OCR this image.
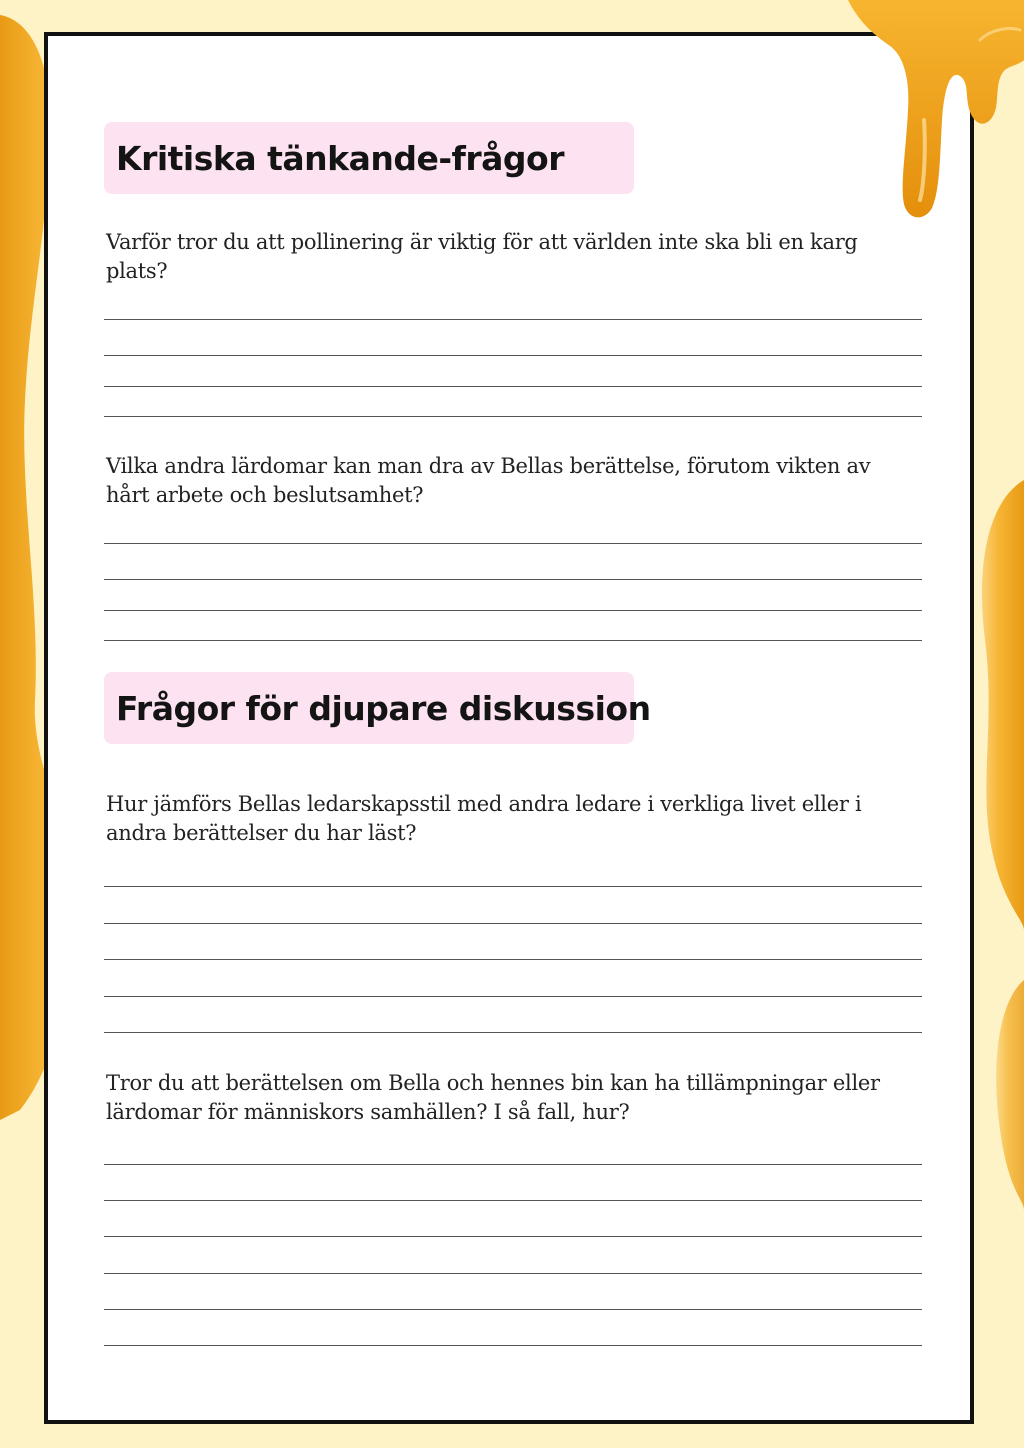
Kritiska tänkande-frågor
Varför tror du att pollinering är viktig för att världen inte ska bli en karg plats?
Vilka andra lärdomar kan man dra av Bellas berättelse, förutom vikten av hårt arbete och beslutsamhet?
Frågor för djupare diskussion
Hur jämförs Bellas ledarskapsstil med andra ledare i verkliga livet eller i andra berättelser du har läst?
Tror du att berättelsen om Bella och hennes bin kan ha tillämpningar eller lärdomar för människors samhällen? I så fall, hur?
